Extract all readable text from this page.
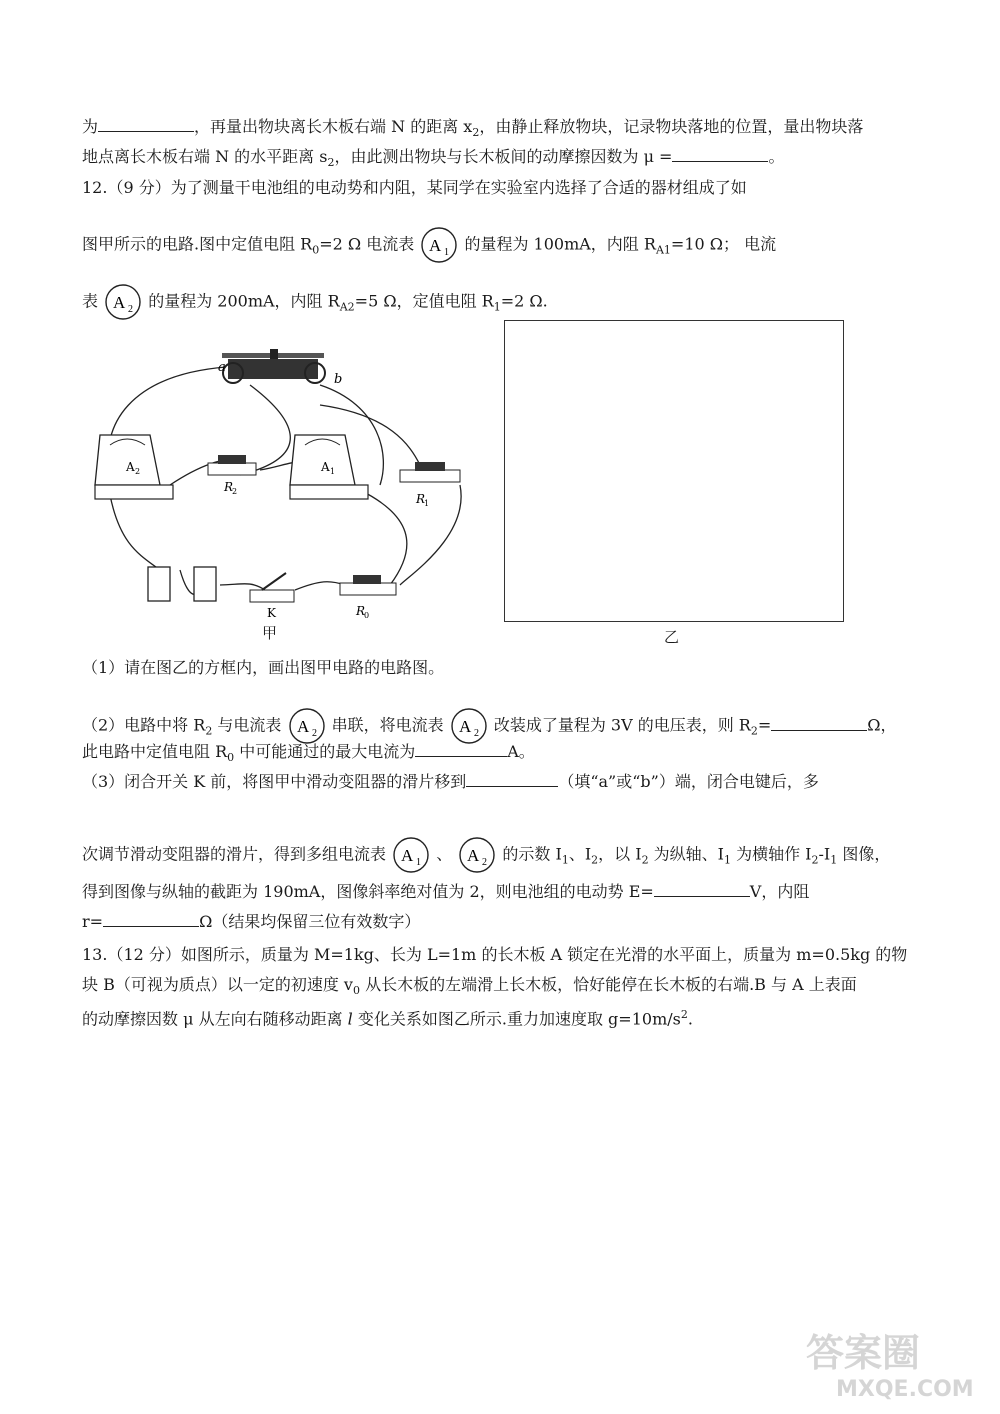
为	，再量出物块离长木板右端 N 的距离 $x_2$，由静止释放物块，记录物块落地的位置，量出物块落
地点离长木板右端 N 的水平距离 $s_2$，由此测出物块与长木板间的动摩擦因数为 μ =	。
12.（9 分）为了测量干电池组的电动势和内阻，某同学在实验室内选择了合适的器材组成了如
图甲所示的电路.图中定值电阻 $R_0=2$ Ω 电流表 A 1 的量程为 100mA，内阻 $R_{A1}=10$ Ω； 电流
表 A 2 的量程为 200mA，内阻 $R_{A2}=5$ Ω，定值电阻 $R_1=2$ Ω.
a
b
A 2
R
2
A 1
R
1
K	R
0
甲	乙
（1）请在图乙的方框内，画出图甲电路的电路图。
（2）电路中将 $R_2$ 与电流表 A 2 串联，将电流表 A 2 改装成了量程为 3V 的电压表，则 $R_2=$	Ω，
此电路中定值电阻 $R_0$ 中可能通过的最大电流为	A。
（3）闭合开关 K 前，将图甲中滑动变阻器的滑片移到	（填“a”或“b”）端，闭合电键后，多
次调节滑动变阻器的滑片，得到多组电流表 A 1 、 A 2 的示数 $I_1$、$I_2$，以 $I_2$ 为纵轴、$I_1$ 为横轴作 $I_2-I_1$ 图像，
得到图像与纵轴的截距为 190mA，图像斜率绝对值为 2，则电池组的电动势 E=	V，内阻
r=	Ω（结果均保留三位有效数字）
13.（12 分）如图所示，质量为 M=1kg、长为 L=1m 的长木板 A 锁定在光滑的水平面上，质量为 m=0.5kg 的物
块 B（可视为质点）以一定的初速度 $v_0$ 从长木板的左端滑上长木板，恰好能停在长木板的右端.B 与 A 上表面
的动摩擦因数 μ 从左向右随移动距离 l 变化关系如图乙所示.重力加速度取 $g=10m/s^2$.
答案圈
MXQE.COM
